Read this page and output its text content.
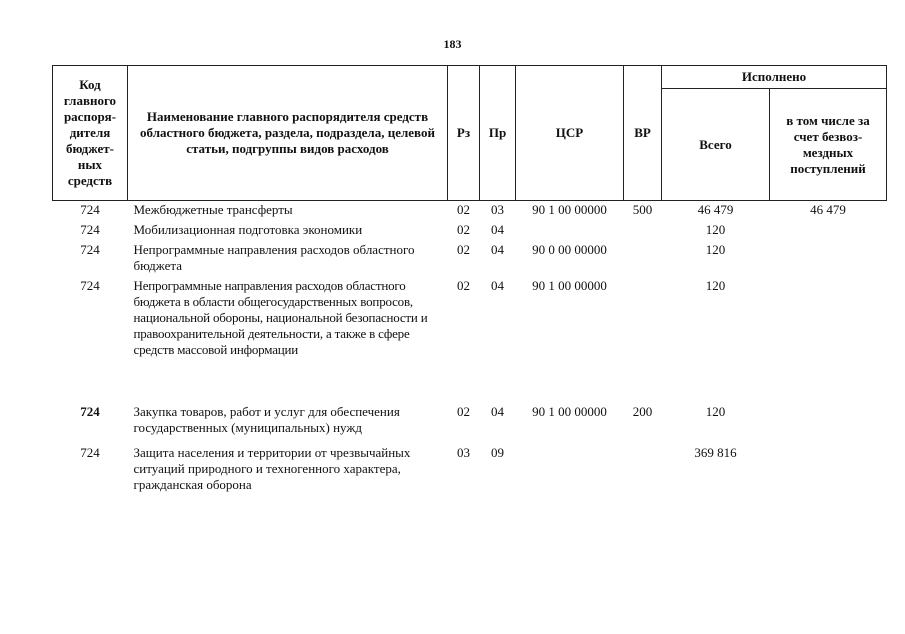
183
Код главного распоря-дителя бюджет-ных средств	Наименование главного распорядителя средств областного бюджета, раздела, подраздела, целевой статьи, подгруппы видов расходов	Рз	Пр	ЦСР	ВР	Исполнено	
						Всего	в том числе за счет безвоз-мездных поступлений
724	Межбюджетные трансферты	02	03	90 1 00 00000	500	46 479	46 479
724	Мобилизационная подготовка экономики	02	04			120	
724	Непрограммные направления расходов областного бюджета	02	04	90 0 00 00000		120	
724	Непрограммные направления расходов областного бюджета в области общегосударственных вопросов, национальной обороны, национальной безопасности и правоохранительной деятельности, а также в сфере средств массовой информации	02	04	90 1 00 00000		120	

724	Закупка товаров, работ и услуг для обеспечения государственных (муниципальных) нужд	02	04	90 1 00 00000	200	120	
724	Защита населения и территории от чрезвычайных ситуаций природного и техногенного характера, гражданская оборона	03	09			369 816	
